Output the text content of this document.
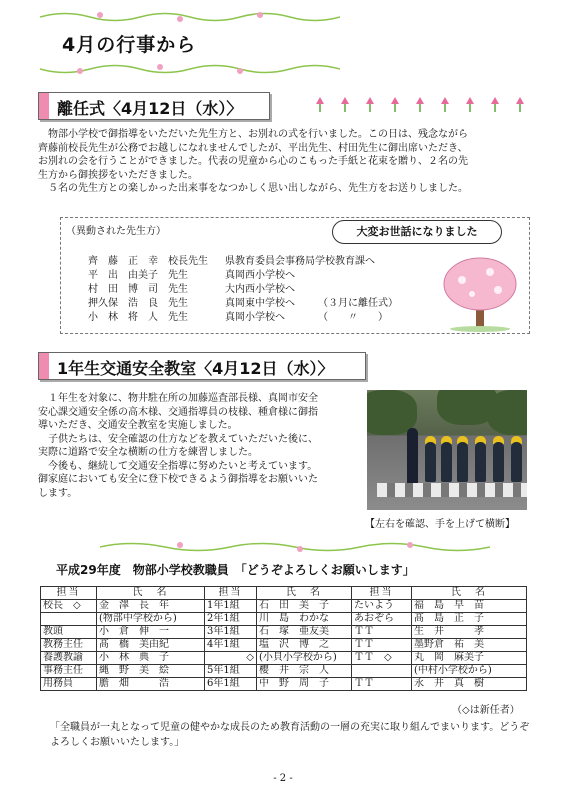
4月の行事から
離任式〈4月12日（水）〉
　物部小学校で御指導をいただいた先生方と、お別れの式を行いました。この日は、残念ながら
齊藤前校長先生が公務でお越しになれませんでしたが、平出先生、村田先生に御出席いただき、
お別れの会を行うことができました。代表の児童から心のこもった手紙と花束を贈り、２名の先
生方から御挨拶をいただきました。
　５名の先生方との楽しかった出来事をなつかしく思い出しながら、先生方をお送りしました。
（異動された先生方）	大変お世話になりました
齊　藤　正　幸 校長先生 県教育委員会事務局学校教育課へ
平　出　由美子 先生	真岡西小学校へ
村　田　博　司 先生	大内西小学校へ
押久保　浩　良 先生	真岡東中学校へ （３月に離任式）
小　林　将　人 先生	真岡小学校へ	（　　〃　　）
1年生交通安全教室〈4月12日（水）〉
　１年生を対象に、物井駐在所の加藤巡査部長様、真岡市安全
安心課交通安全係の高木様、交通指導員の枝様、種倉様に御指
導いただき、交通安全教室を実施しました。
　子供たちは、安全確認の仕方などを教えていただいた後に、
実際に道路で安全な横断の仕方を練習しました。
　今後も、継続して交通安全指導に努めたいと考えています。
御家庭においても安全に登下校できるよう御指導をお願いいた
します。
【左右を確認、手を上げて横断】
平成29年度　物部小学校教職員　「どうぞよろしくお願いします」
担当	氏　名	担当	氏　名	担当	氏　名
校長　◇	金　澤　長　年	1年1組	石　田　美　子	たいよう	福　島　早　苗
	(物部中学校から)	2年1組	川　島　わかな	あおぞら	髙　島　正　子
教頭	小　倉　伸　一	3年1組	石　塚　亜友美	ＴＴ	生　井　　　孝
教務主任	髙　橋　美由紀	4年1組	塩　沢　博　之	ＴＴ	墨野倉　祐　美
養護教諭	小　林　典　子	◇	(小貝小学校から)	ＴＴ　◇	丸　岡　麻美子
事務主任	縄　野　美　絵	5年1組	櫻　井　宗　人		(中村小学校から)
用務員	膽　畑　　　浩	6年1組	中　野　周　子	ＴＴ	永　井　真　樹
（◇は新任者）
「全職員が一丸となって児童の健やかな成長のため教育活動の一層の充実に取り組んでまいります。どうぞよろしくお願いいたします。」
- 2 -
